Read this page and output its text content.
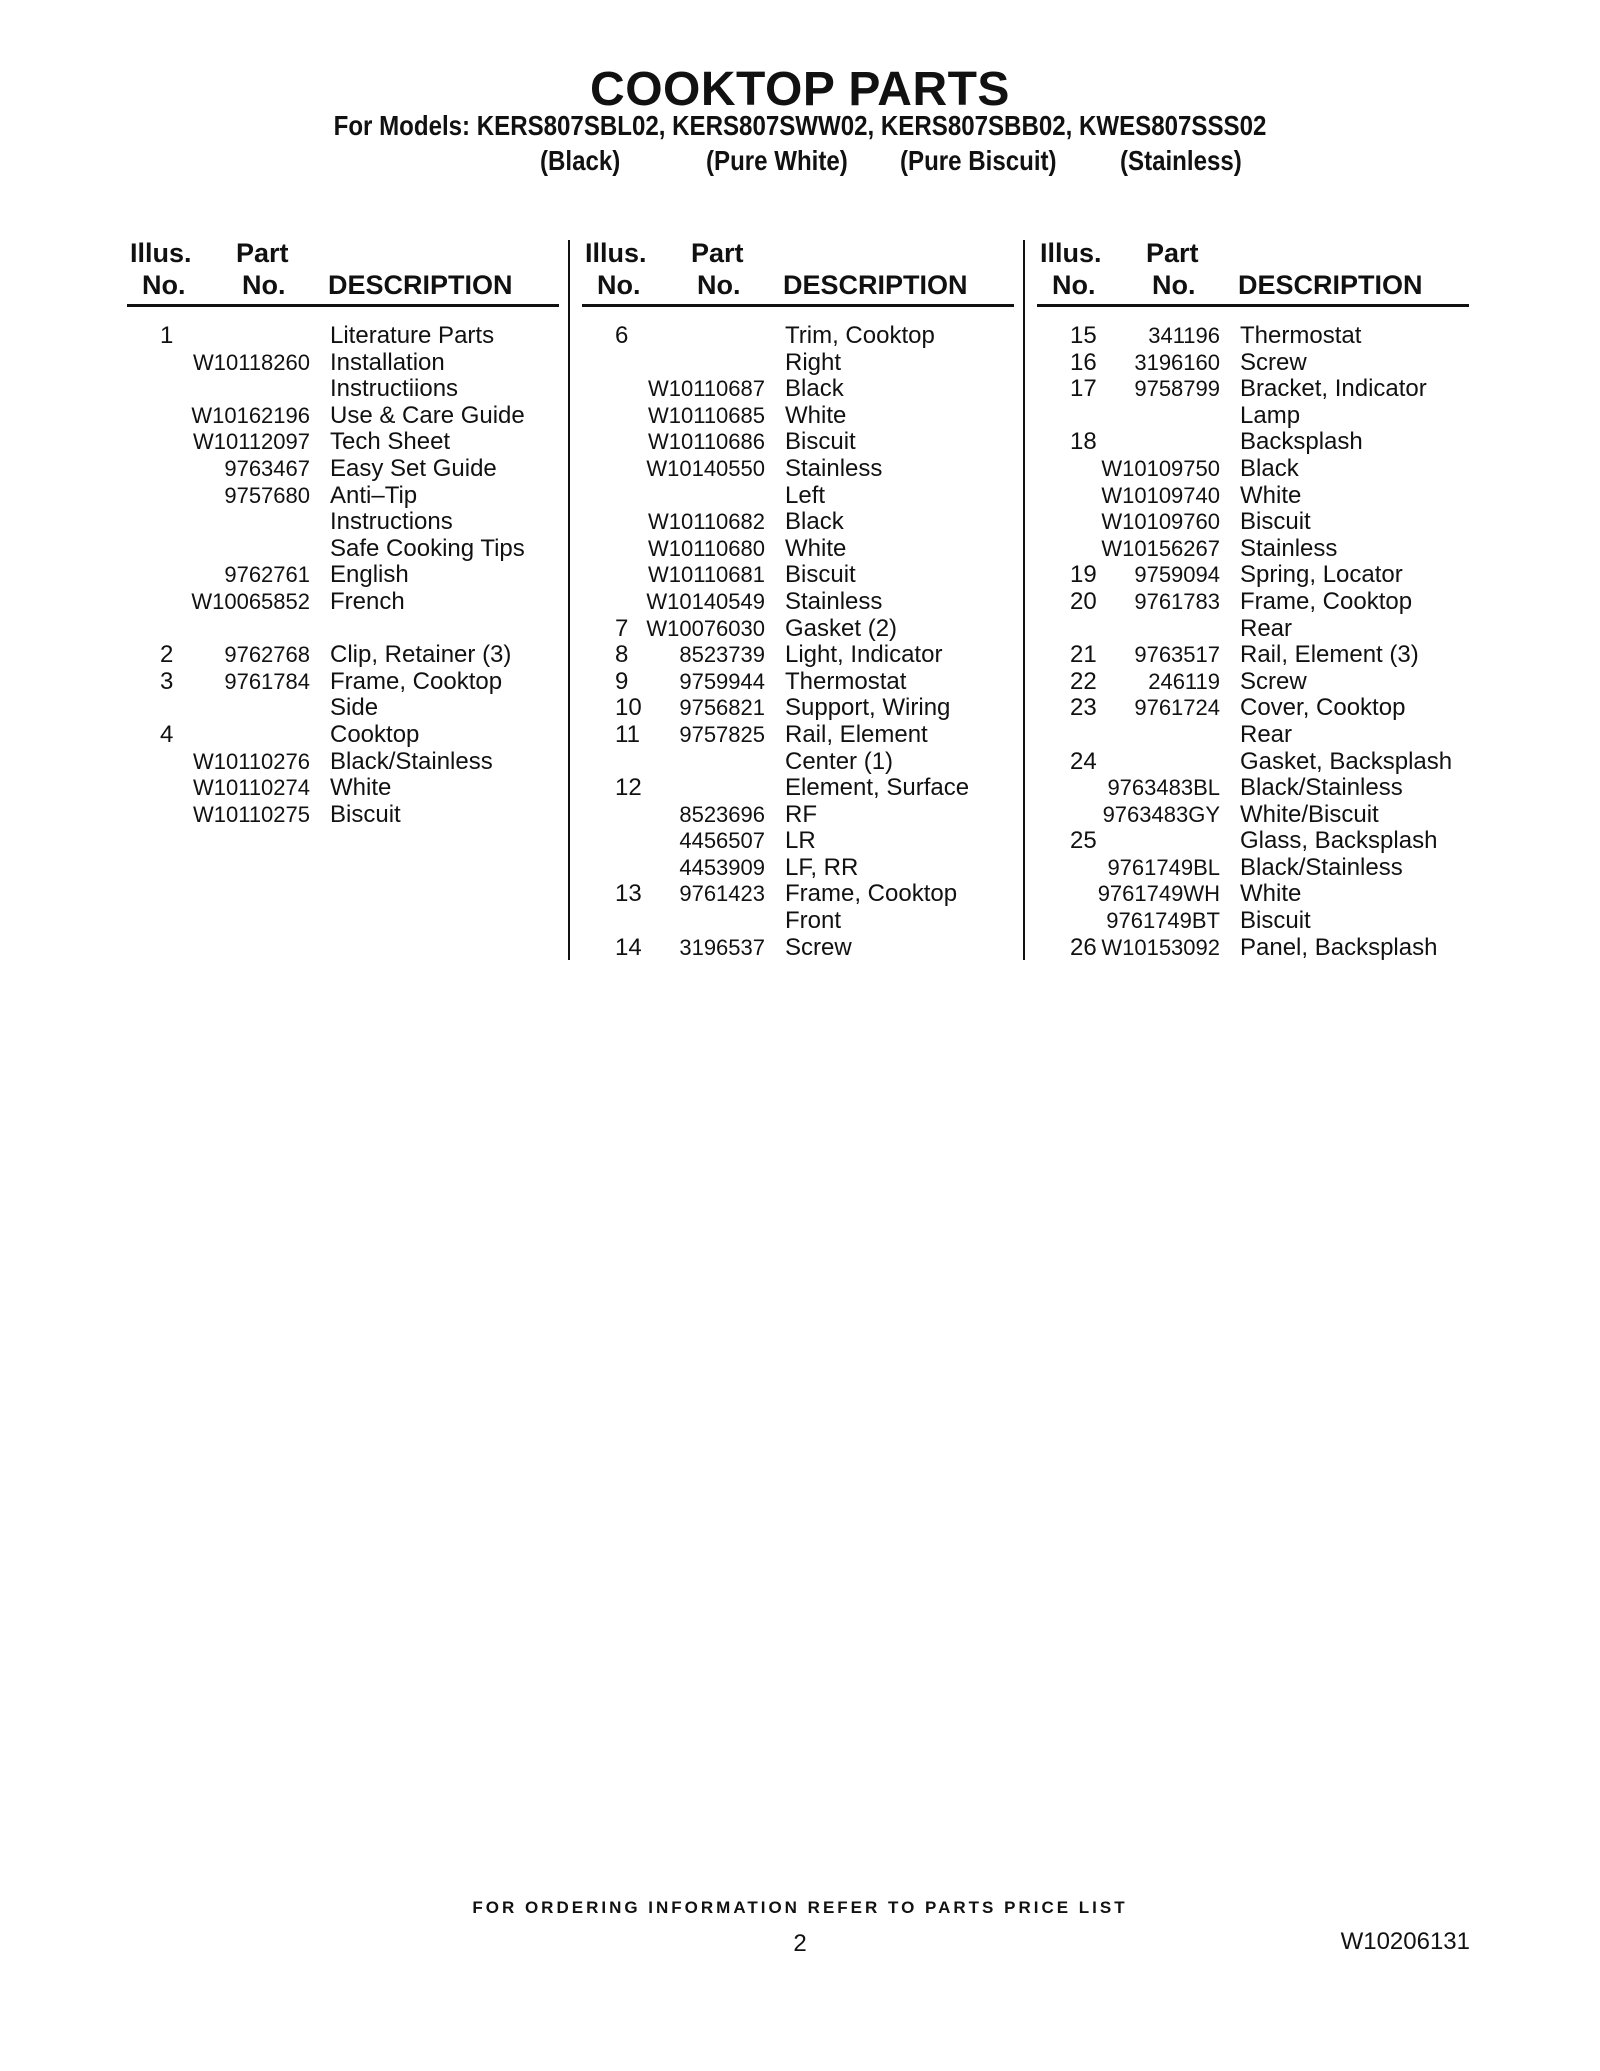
COOKTOP PARTS
For Models: KERS807SBL02, KERS807SWW02, KERS807SBB02, KWES807SSS02
(Black)	(Pure White) (Pure Biscuit) (Stainless)
Illus. Part
No. No. DESCRIPTION
1	Literature Parts
W10118260 Installation
Instructiions
W10162196 Use & Care Guide
W10112097 Tech Sheet
9763467 Easy Set Guide
9757680 Anti–Tip
Instructions
Safe Cooking Tips
9762761 English
W10065852 French
2	9762768 Clip, Retainer (3)
3	9761784 Frame, Cooktop
Side
4	Cooktop
W10110276 Black/Stainless
W10110274 White
W10110275 Biscuit
Illus. Part
No. No. DESCRIPTION
6	Trim, Cooktop
Right
W10110687 Black
W10110685 White
W10110686 Biscuit
W10140550 Stainless
Left
W10110682 Black
W10110680 White
W10110681 Biscuit
W10140549 Stainless
7 W10076030 Gasket (2)
8	8523739 Light, Indicator
9	9759944 Thermostat
10 9756821 Support, Wiring
11 9757825 Rail, Element
Center (1)
12	Element, Surface
8523696 RF
4456507 LR
4453909 LF, RR
13 9761423 Frame, Cooktop
Front
14 3196537 Screw
Illus. Part
No. No. DESCRIPTION
15 341196 Thermostat
16 3196160 Screw
17 9758799 Bracket, Indicator
Lamp
18	Backsplash
W10109750 Black
W10109740 White
W10109760 Biscuit
W10156267 Stainless
19 9759094 Spring, Locator
20 9761783 Frame, Cooktop
Rear
21 9763517 Rail, Element (3)
22 246119 Screw
23 9761724 Cover, Cooktop
Rear
24	Gasket, Backsplash
9763483BL Black/Stainless
9763483GY White/Biscuit
25	Glass, Backsplash
9761749BL Black/Stainless
9761749WH White
9761749BT Biscuit
26 W10153092 Panel, Backsplash
FOR ORDERING INFORMATION REFER TO PARTS PRICE LIST
2	W10206131
